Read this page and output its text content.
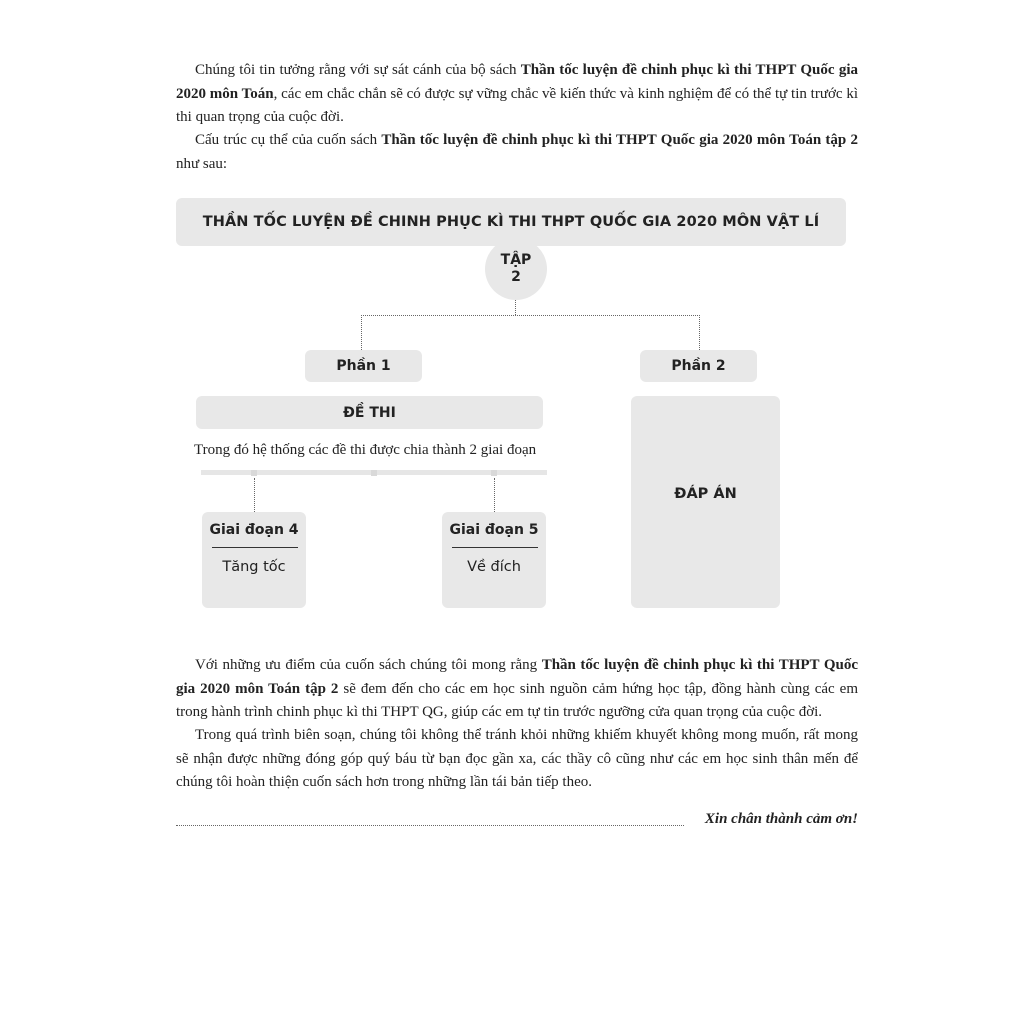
Chúng tôi tin tưởng rằng với sự sát cánh của bộ sách Thần tốc luyện đề chinh phục kì thi THPT Quốc gia 2020 môn Toán, các em chắc chắn sẽ có được sự vững chắc về kiến thức và kinh nghiệm để có thể tự tin trước kì thi quan trọng của cuộc đời.
Cấu trúc cụ thể của cuốn sách Thần tốc luyện đề chinh phục kì thi THPT Quốc gia 2020 môn Toán tập 2 như sau:
THẦN TỐC LUYỆN ĐỀ CHINH PHỤC KÌ THI THPT QUỐC GIA 2020 MÔN VẬT LÍ
TẬP
2
Phần 1	Phần 2
ĐỀ THI
Trong đó hệ thống các đề thi được chia thành 2 giai đoạn
Giai đoạn 4
Tăng tốc
Giai đoạn 5
Về đích
ĐÁP ÁN
Với những ưu điểm của cuốn sách chúng tôi mong rằng Thần tốc luyện đề chinh phục kì thi THPT Quốc gia 2020 môn Toán tập 2 sẽ đem đến cho các em học sinh nguồn cảm hứng học tập, đồng hành cùng các em trong hành trình chinh phục kì thi THPT QG, giúp các em tự tin trước ngưỡng cửa quan trọng của cuộc đời.
Trong quá trình biên soạn, chúng tôi không thể tránh khỏi những khiếm khuyết không mong muốn, rất mong sẽ nhận được những đóng góp quý báu từ bạn đọc gần xa, các thầy cô cũng như các em học sinh thân mến để chúng tôi hoàn thiện cuốn sách hơn trong những lần tái bản tiếp theo.
Xin chân thành cảm ơn!
